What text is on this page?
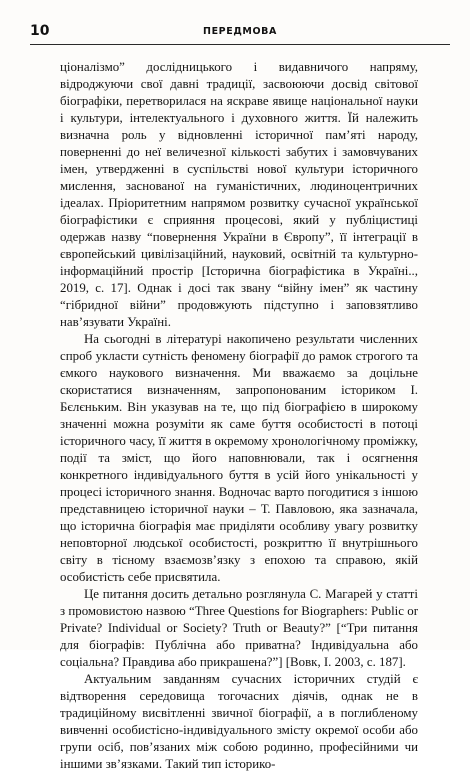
10	ПЕРЕДМОВА

ціоналізмо” дослідницького і видавничого напряму, відроджуючи свої давні традиції, засвоюючи досвід світової біографіки, перетворилася на яскраве явище національної науки і культури, інтелектуального і духовного життя. Їй належить визначна роль у відновленні історичної пам’яті народу, поверненні до неї величезної кількості забутих і замовчуваних імен, утвердженні в суспільстві нової культури історичного мислення, заснованої на гуманістичних, людиноцентричних ідеалах. Пріоритетним напрямом розвитку сучасної української біографістики є сприяння процесові, який у публіцистиці одержав назву “повернення України в Європу”, її інтеграції в європейський цивілізаційний, науковий, освітній та культурно-інформаційний простір [Історична біографістика в Україні.., 2019, с. 17]. Однак і досі так звану “війну імен” як частину “гібридної війни” продовжують підступно і заповзятливо нав’язувати Україні.

На сьогодні в літературі накопичено результати численних спроб укласти сутність феномену біографії до рамок строгого та ємкого наукового визначення. Ми вважаємо за доцільне скористатися визначенням, запропонованим істориком І. Бєлєньким. Він указував на те, що під біографією в широкому значенні можна розуміти як саме буття особистості в потоці історичного часу, її життя в окремому хронологічному проміжку, події та зміст, що його наповнювали, так і осягнення конкретного індивідуального буття в усій його унікальності у процесі історичного знання. Водночас варто погодитися з іншою представницею історичної науки – Т. Павловою, яка зазначала, що історична біографія має приділяти особливу увагу розвитку неповторної людської особистості, розкриттю її внутрішнього світу в тісному взаємозв’язку з епохою та справою, якій особистість себе присвятила.

Це питання досить детально розглянула С. Магарей у статті з промовистою назвою “Three Questions for Biographers: Public or Private? Individual or Society? Truth or Beauty?” [“Три питання для біографів: Публічна або приватна? Індивідуальна або соціальна? Правдива або прикрашена?”] [Вовк, І. 2003, с. 187].

Актуальним завданням сучасних історичних студій є відтворення середовища тогочасних діячів, однак не в традиційному висвітленні звичної біографії, а в поглибленому вивченні особистісно-індивідуального змісту окремої особи або групи осіб, пов’язаних між собою родинно, професійними чи іншими зв’язками. Такий тип історико-
